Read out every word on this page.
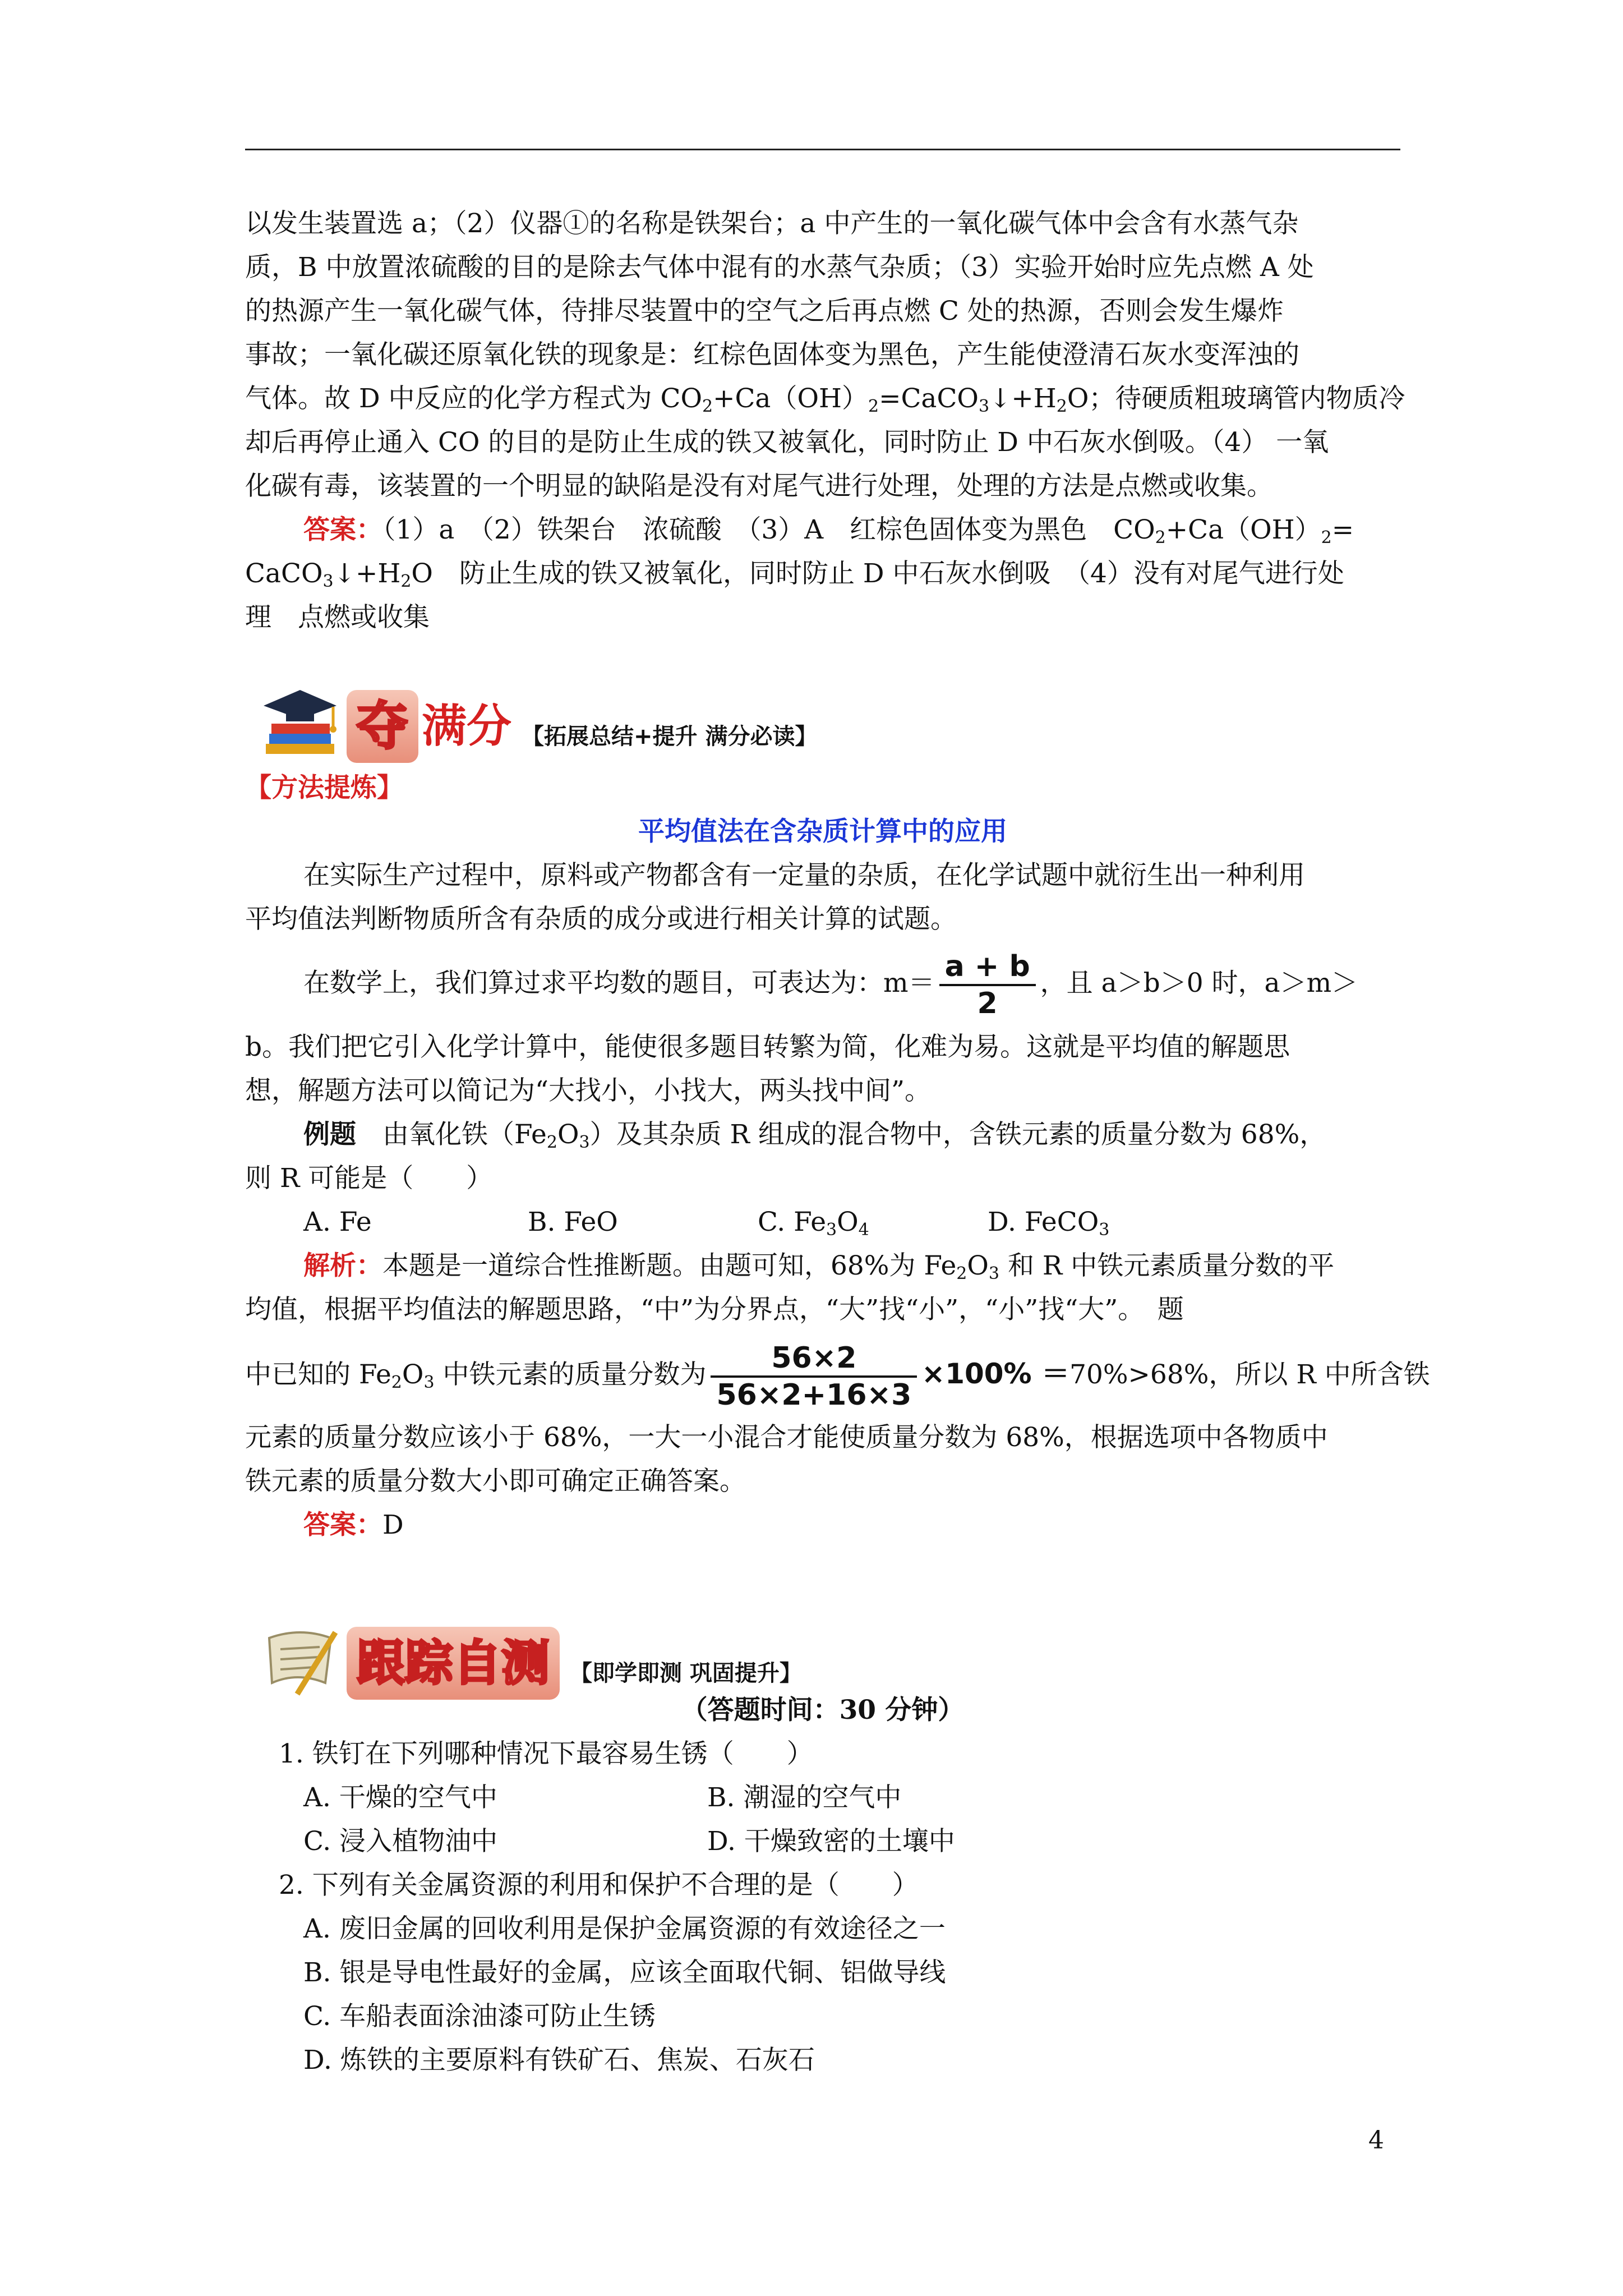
以发生装置选 a；（2）仪器①的名称是铁架台；a 中产生的一氧化碳气体中会含有水蒸气杂
质，B 中放置浓硫酸的目的是除去气体中混有的水蒸气杂质；（3）实验开始时应先点燃 A 处
的热源产生一氧化碳气体，待排尽装置中的空气之后再点燃 C 处的热源，否则会发生爆炸
事故；一氧化碳还原氧化铁的现象是：红棕色固体变为黑色，产生能使澄清石灰水变浑浊的
气体。故 D 中反应的化学方程式为 $CO_2+Ca(OH)_2=CaCO_3↓+H_2O$；待硬质粗玻璃管内物质冷
却后再停止通入 CO 的目的是防止生成的铁又被氧化，同时防止 D 中石灰水倒吸。（4） 一氧
化碳有毒，该装置的一个明显的缺陷是没有对尾气进行处理，处理的方法是点燃或收集。
答案：（1）a　（2）铁架台　浓硫酸　（3）A　红棕色固体变为黑色　$CO_2+Ca(OH)_2=$
$CaCO_3↓+H_2O$　防止生成的铁又被氧化，同时防止 D 中石灰水倒吸　（4）没有对尾气进行处
理　点燃或收集
夺 满分 【拓展总结+提升 满分必读】
【方法提炼】
平均值法在含杂质计算中的应用
在实际生产过程中，原料或产物都含有一定量的杂质，在化学试题中就衍生出一种利用
平均值法判断物质所含有杂质的成分或进行相关计算的试题。
在数学上，我们算过求平均数的题目，可表达为：$m= \frac{a + b}{2}$ ，且 a＞b＞0 时，a＞m＞
b。我们把它引入化学计算中，能使很多题目转繁为简，化难为易。这就是平均值的解题思
想，解题方法可以简记为“大找小，小找大，两头找中间”。
例题　由氧化铁$(Fe_2O_3)$及其杂质 R 组成的混合物中，含铁元素的质量分数为 68%，
则 R 可能是（　　）
A. Fe	B. FeO	C. $Fe_3O_4$	D. FeCO$_3$
解析：本题是一道综合性推断题。由题可知，68%为 $Fe_2O_3$ 和 R 中铁元素质量分数的平
均值，根据平均值法的解题思路，“中”为分界点，“大”找“小”，“小”找“大”。　题
中已知的 $Fe_2O_3$ 中铁元素的质量分数为 $\frac{56\times 2}{56\times 2+16\times 3} \times 100\% =70\%>68\%$，所以 R 中所含铁
元素的质量分数应该小于 68%，一大一小混合才能使质量分数为 68%，根据选项中各物质中
铁元素的质量分数大小即可确定正确答案。
答案：D
跟踪自测 【即学即测 巩固提升】
（答题时间：30 分钟）
1. 铁钉在下列哪种情况下最容易生锈（　　）
A. 干燥的空气中	B. 潮湿的空气中
C. 浸入植物油中	D. 干燥致密的土壤中
2. 下列有关金属资源的利用和保护不合理的是（　　）
A. 废旧金属的回收利用是保护金属资源的有效途径之一
B. 银是导电性最好的金属，应该全面取代铜、铝做导线
C. 车船表面涂油漆可防止生锈
D. 炼铁的主要原料有铁矿石、焦炭、石灰石
4
